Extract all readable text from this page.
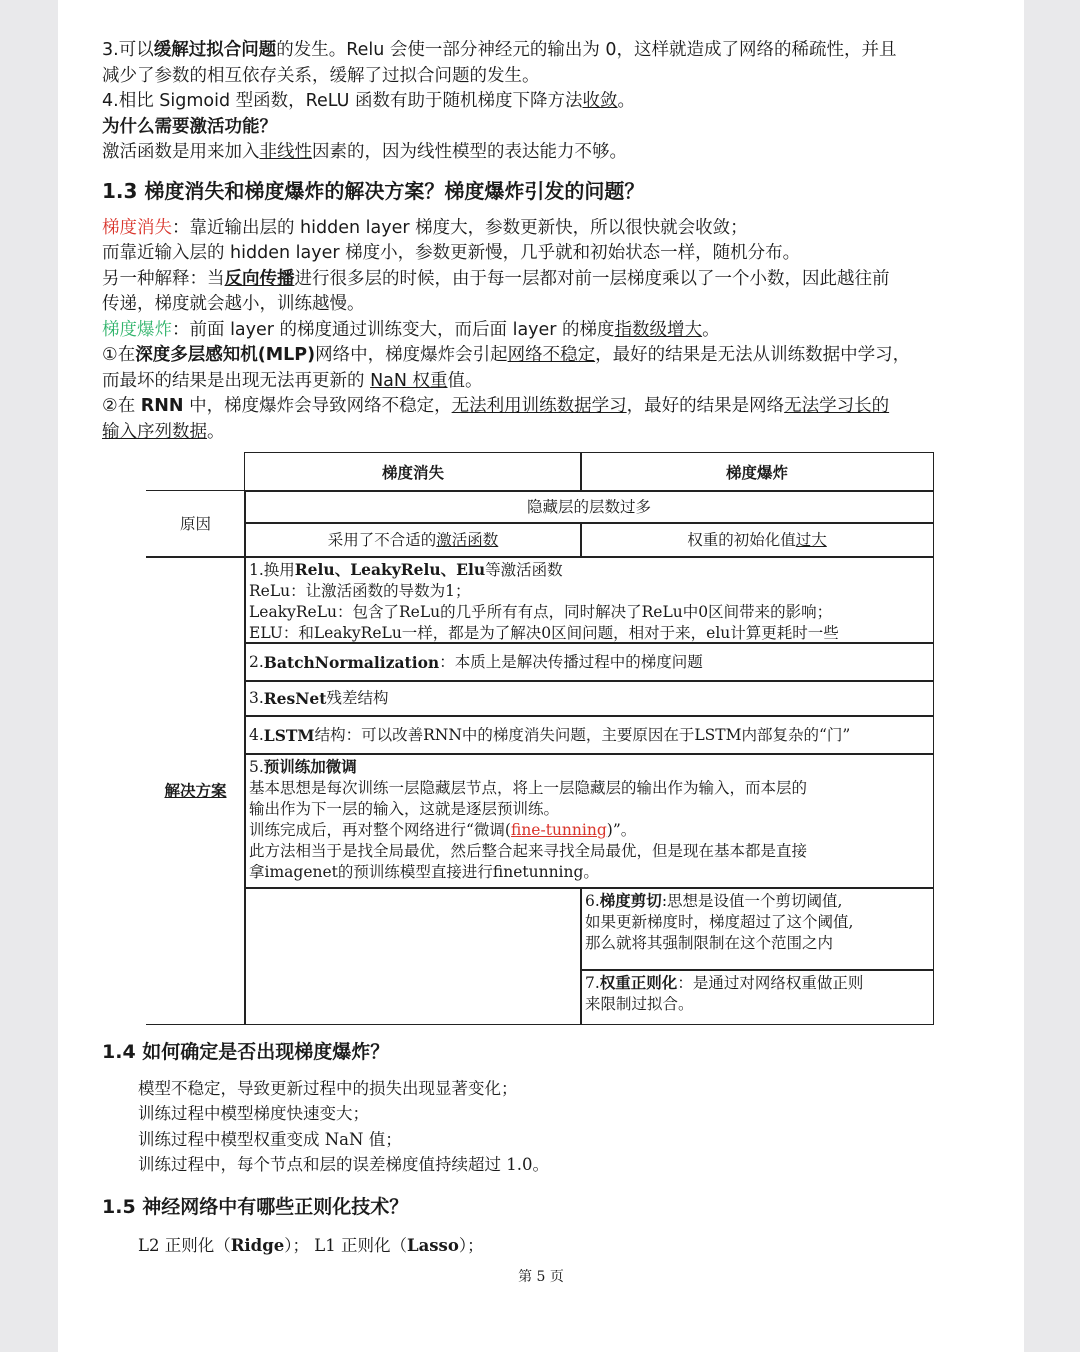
3.可以缓解过拟合问题的发生。Relu 会使一部分神经元的输出为 0，这样就造成了网络的稀疏性，并且
减少了参数的相互依存关系，缓解了过拟合问题的发生。
4.相比 Sigmoid 型函数，ReLU 函数有助于随机梯度下降方法收敛。
为什么需要激活功能？
激活函数是用来加入非线性因素的，因为线性模型的表达能力不够。
1.3 梯度消失和梯度爆炸的解决方案？梯度爆炸引发的问题？
梯度消失：靠近输出层的 hidden layer 梯度大，参数更新快，所以很快就会收敛；
而靠近输入层的 hidden layer 梯度小，参数更新慢，几乎就和初始状态一样，随机分布。
另一种解释：当反向传播进行很多层的时候，由于每一层都对前一层梯度乘以了一个小数，因此越往前
传递，梯度就会越小，训练越慢。
梯度爆炸：前面 layer 的梯度通过训练变大，而后面 layer 的梯度指数级增大。
①在深度多层感知机(MLP)网络中，梯度爆炸会引起网络不稳定，最好的结果是无法从训练数据中学习，
而最坏的结果是出现无法再更新的 NaN 权重值。
②在 RNN 中，梯度爆炸会导致网络不稳定，无法利用训练数据学习，最好的结果是网络无法学习长的
输入序列数据。
梯度消失	梯度爆炸
原因
隐藏层的层数过多
采用了不合适的 激活函数	权重的初始化值 过大
解决方案
1.换用Relu、LeakyRelu、Elu等激活函数
ReLu：让激活函数的导数为1；
LeakyReLu：包含了ReLu的几乎所有有点，同时解决了ReLu中0区间带来的影响；
ELU：和LeakyReLu一样，都是为了解决0区间问题，相对于来，elu计算更耗时一些
2. BatchNormalization ：本质上是解决传播过程中的梯度问题
3. ResNet 残差结构
4. LSTM 结构：可以改善RNN中的梯度消失问题，主要原因在于LSTM内部复杂的“门”
5.预训练加微调
基本思想是每次训练一层隐藏层节点，将上一层隐藏层的输出作为输入，而本层的
输出作为下一层的输入，这就是逐层预训练。
训练完成后，再对整个网络进行“微调(fine-tunning)”。
此方法相当于是找全局最优，然后整合起来寻找全局最优，但是现在基本都是直接
拿imagenet的预训练模型直接进行finetunning。
6.梯度剪切:思想是设值一个剪切阈值,
如果更新梯度时，梯度超过了这个阈值,
那么就将其强制限制在这个范围之内
7.权重正则化：是通过对网络权重做正则
来限制过拟合。
1.4 如何确定是否出现梯度爆炸？
模型不稳定，导致更新过程中的损失出现显著变化；
训练过程中模型梯度快速变大；
训练过程中模型权重变成 NaN 值；
训练过程中，每个节点和层的误差梯度值持续超过 1.0。
1.5 神经网络中有哪些正则化技术？
L2 正则化（Ridge）； L1 正则化（Lasso）；
第 5 页
